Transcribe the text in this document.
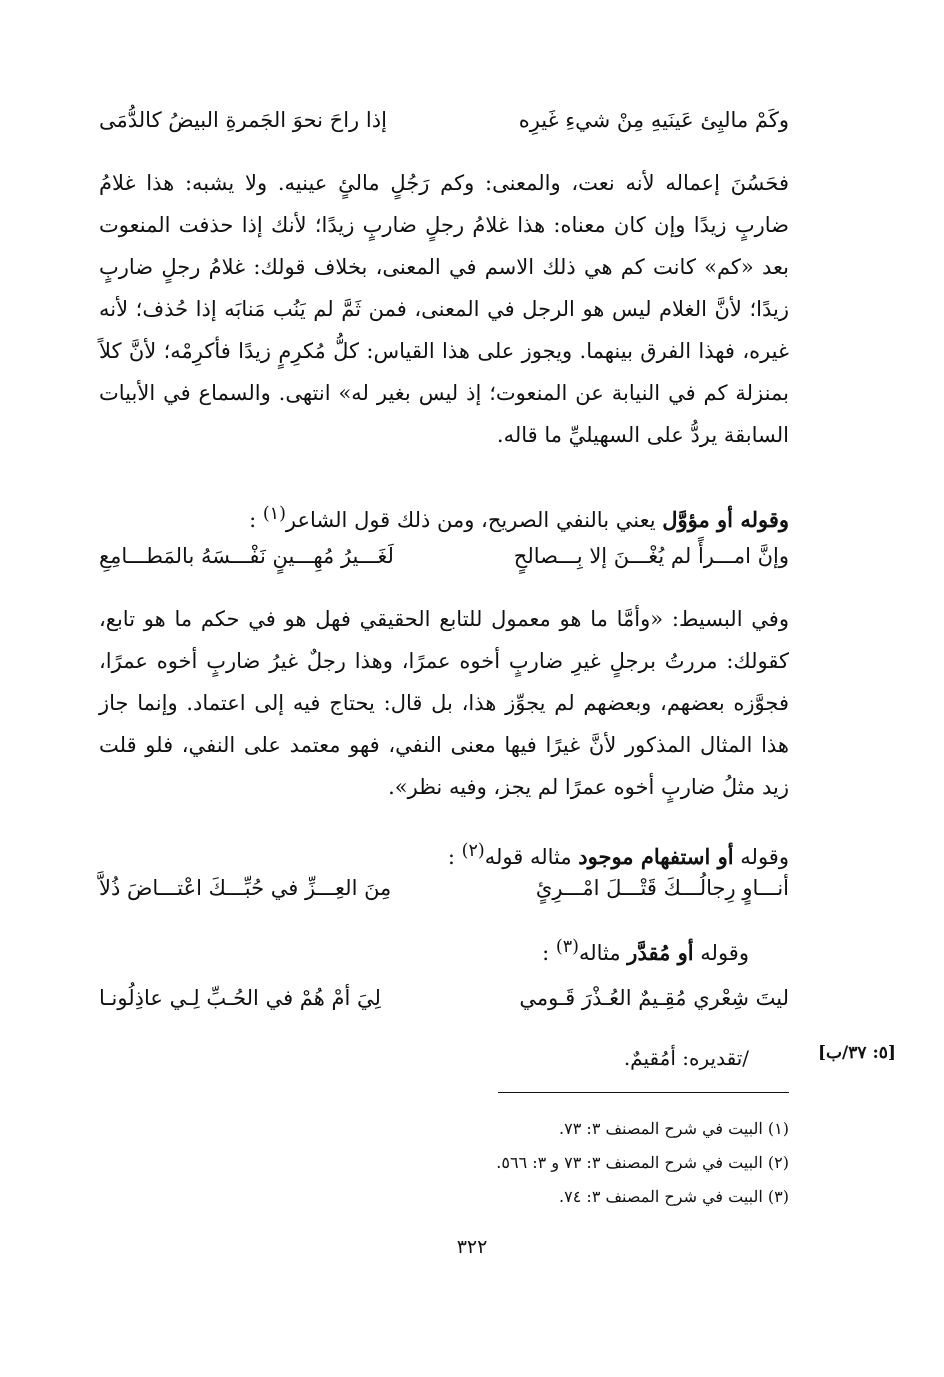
وكَمْ ماليِئ عَينَيهِ مِنْ شيءِ غَيرِه
إذا راحَ نحوَ الجَمرةِ البيضُ كالدُّمَى

فحَسُنَ إعماله لأنه نعت، والمعنى: وكم رَجُلٍ مالئٍ عينيه. ولا يشبه: هذا غلامُ ضاربٍ زيدًا وإن كان معناه: هذا غلامُ رجلٍ ضاربٍ زيدًا؛ لأنك إذا حذفت المنعوت بعد «كم» كانت كم هي ذلك الاسم في المعنى، بخلاف قولك: غلامُ رجلٍ ضاربٍ زيدًا؛ لأنَّ الغلام ليس هو الرجل في المعنى، فمن ثَمَّ لم يَنُب مَنابَه إذا حُذف؛ لأنه غيره، فهذا الفرق بينهما. ويجوز على هذا القياس: كلُّ مُكرِمٍ زيدًا فأكرِمْه؛ لأنَّ كلاً بمنزلة كم في النيابة عن المنعوت؛ إذ ليس بغير له» انتهى. والسماع في الأبيات السابقة يردُّ على السهيليِّ ما قاله.

وقوله أو مؤوَّل يعني بالنفي الصريح، ومن ذلك قول الشاعر$^{(١)}$ :

وإنَّ امـــرأً لم يُغْـــنَ إلا بِـــصالحٍ
لَغَـــيرُ مُهِـــينٍ نَفْـــسَهُ بالمَطـــامِعِ

وفي البسيط: «وأمَّا ما هو معمول للتابع الحقيقي فهل هو في حكم ما هو تابع، كقولك: مررتُ برجلٍ غيرِ ضاربٍ أخوه عمرًا، وهذا رجلٌ غيرُ ضاربٍ أخوه عمرًا، فجوَّزه بعضهم، وبعضهم لم يجوِّز هذا، بل قال: يحتاج فيه إلى اعتماد. وإنما جاز هذا المثال المذكور لأنَّ غيرًا فيها معنى النفي، فهو معتمد على النفي، فلو قلت زيد مثلُ ضاربٍ أخوه عمرًا لم يجز، وفيه نظر».

وقوله أو استفهام موجود مثاله قوله$^{(٢)}$ :

أنـــاوٍ رِجالُـــكَ قَتْـــلَ امْـــرِئٍ
مِنَ العِـــزِّ في حُبِّـــكَ اعْتـــاضَ ذُلاَّ

وقوله أو مُقدَّر مثاله$^{(٣)}$ :

ليتَ شِعْري مُقِـيمٌ العُـذْرَ قَـومي
لِيَ أمْ هُمْ في الحُـبِّ لِـي عاذِلُونـا
/تقديره: أمُقيمٌ.	[٥: ٣٧/ب]
(١) البيت في شرح المصنف ٣: ٧٣.
(٢) البيت في شرح المصنف ٣: ٧٣ و ٣: ٥٦٦.
(٣) البيت في شرح المصنف ٣: ٧٤.
٣٢٢
